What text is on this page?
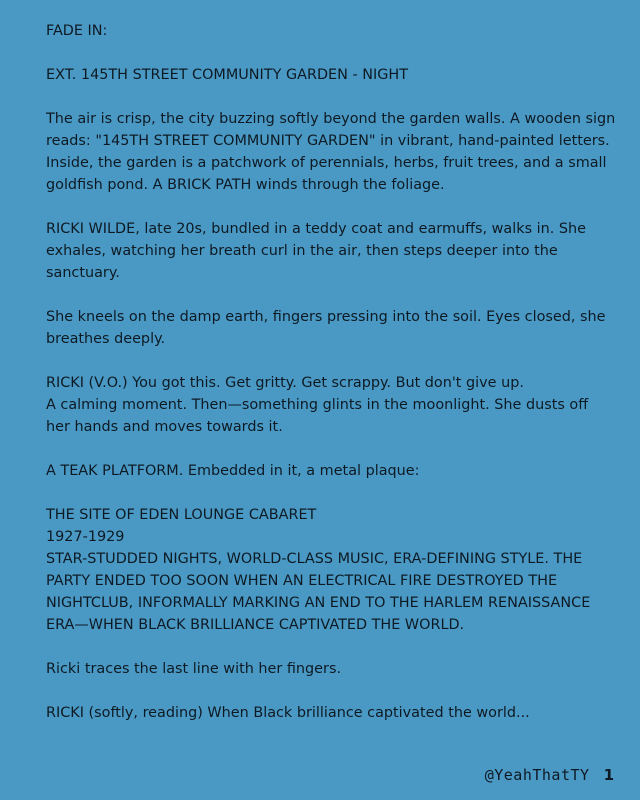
FADE IN:

EXT. 145TH STREET COMMUNITY GARDEN - NIGHT

The air is crisp, the city buzzing softly beyond the garden walls. A wooden sign reads: "145TH STREET COMMUNITY GARDEN" in vibrant, hand-painted letters. Inside, the garden is a patchwork of perennials, herbs, fruit trees, and a small goldfish pond. A BRICK PATH winds through the foliage.

RICKI WILDE, late 20s, bundled in a teddy coat and earmuffs, walks in. She exhales, watching her breath curl in the air, then steps deeper into the sanctuary.

She kneels on the damp earth, fingers pressing into the soil. Eyes closed, she breathes deeply.

RICKI (V.O.) You got this. Get gritty. Get scrappy. But don't give up.

A calming moment. Then—something glints in the moonlight. She dusts off her hands and moves towards it.

A TEAK PLATFORM. Embedded in it, a metal plaque:

THE SITE OF EDEN LOUNGE CABARET

1927-1929

STAR-STUDDED NIGHTS, WORLD-CLASS MUSIC, ERA-DEFINING STYLE. THE PARTY ENDED TOO SOON WHEN AN ELECTRICAL FIRE DESTROYED THE NIGHTCLUB, INFORMALLY MARKING AN END TO THE HARLEM RENAISSANCE ERA—WHEN BLACK BRILLIANCE CAPTIVATED THE WORLD.

Ricki traces the last line with her fingers.

RICKI (softly, reading) When Black brilliance captivated the world...

@YeahThatTY 1
